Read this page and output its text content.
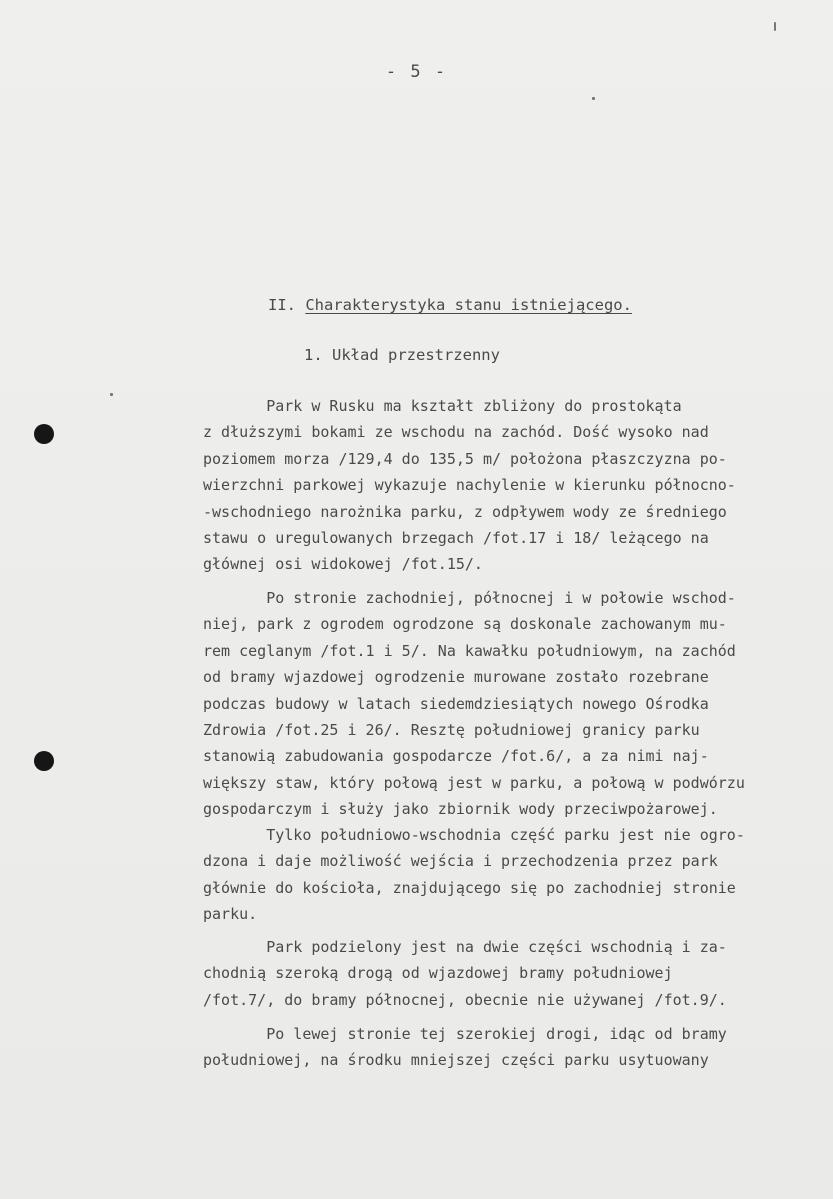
- 5 -
II. Charakterystyka stanu istniejącego.
1. Układ przestrzenny
Park w Rusku ma kształt zbliżony do prostokąta
z dłuższymi bokami ze wschodu na zachód. Dość wysoko nad
poziomem morza /129,4 do 135,5 m/ położona płaszczyzna po-
wierzchni parkowej wykazuje nachylenie w kierunku północno-
-wschodniego narożnika parku, z odpływem wody ze średniego
stawu o uregulowanych brzegach /fot.17 i 18/ leżącego na
głównej osi widokowej /fot.15/.
Po stronie zachodniej, północnej i w połowie wschod-
niej, park z ogrodem ogrodzone są doskonale zachowanym mu-
rem ceglanym /fot.1 i 5/. Na kawałku południowym, na zachód
od bramy wjazdowej ogrodzenie murowane zostało rozebrane
podczas budowy w latach siedemdziesiątych nowego Ośrodka
Zdrowia /fot.25 i 26/. Resztę południowej granicy parku
stanowią zabudowania gospodarcze /fot.6/, a za nimi naj-
większy staw, który połową jest w parku, a połową w podwórzu
gospodarczym i służy jako zbiornik wody przeciwpożarowej.
Tylko południowo-wschodnia część parku jest nie ogro-
dzona i daje możliwość wejścia i przechodzenia przez park
głównie do kościoła, znajdującego się po zachodniej stronie
parku.
Park podzielony jest na dwie części wschodnią i za-
chodnią szeroką drogą od wjazdowej bramy południowej
/fot.7/, do bramy północnej, obecnie nie używanej /fot.9/.
Po lewej stronie tej szerokiej drogi, idąc od bramy
południowej, na środku mniejszej części parku usytuowany
